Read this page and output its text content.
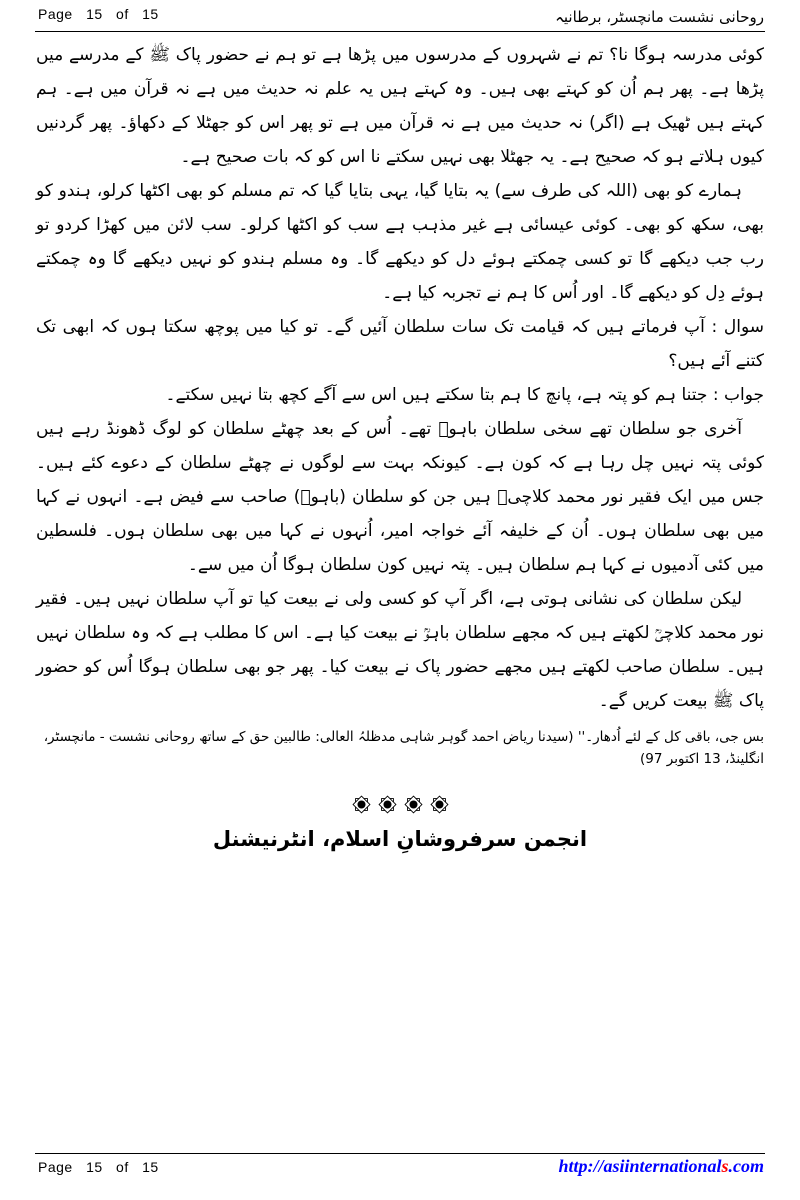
Page 15 of 15	روحانی نشست مانچسٹر، برطانیہ

کوئی مدرسہ ہوگا نا؟ تم نے شہروں کے مدرسوں میں پڑھا ہے تو ہم نے حضور پاک ﷺ کے مدرسے میں پڑھا ہے۔ پھر ہم اُن کو کہتے بھی ہیں۔ وہ کہتے ہیں یہ علم نہ حدیث میں ہے نہ قرآن میں ہے۔ ہم کہتے ہیں ٹھیک ہے (اگر) نہ حدیث میں ہے نہ قرآن میں ہے تو پھر اس کو جھٹلا کے دکھاؤ۔ پھر گردنیں کیوں ہلاتے ہو کہ صحیح ہے۔ یہ جھٹلا بھی نہیں سکتے نا اس کو کہ بات صحیح ہے۔

ہمارے کو بھی (اللہ کی طرف سے) یہ بتایا گیا، یہی بتایا گیا کہ تم مسلم کو بھی اکٹھا کرلو، ہندو کو بھی، سکھ کو بھی۔ کوئی عیسائی ہے غیر مذہب ہے سب کو اکٹھا کرلو۔ سب لائن میں کھڑا کردو تو رب جب دیکھے گا تو کسی چمکتے ہوئے دل کو دیکھے گا۔ وہ مسلم ہندو کو نہیں دیکھے گا وہ چمکتے ہوئے دِل کو دیکھے گا۔ اور اُس کا ہم نے تجربہ کیا ہے۔

سوال : آپ فرماتے ہیں کہ قیامت تک سات سلطان آئیں گے۔ تو کیا میں پوچھ سکتا ہوں کہ ابھی تک کتنے آئے ہیں؟

جواب : جتنا ہم کو پتہ ہے، پانچ کا ہم بتا سکتے ہیں اس سے آگے کچھ بتا نہیں سکتے۔

آخری جو سلطان تھے سخی سلطان باہوؒ تھے۔ اُس کے بعد چھٹے سلطان کو لوگ ڈھونڈ رہے ہیں کوئی پتہ نہیں چل رہا ہے کہ کون ہے۔ کیونکہ بہت سے لوگوں نے چھٹے سلطان کے دعوے کئے ہیں۔ جس میں ایک فقیر نور محمد کلاچیؒ ہیں جن کو سلطان (باہوؒ) صاحب سے فیض ہے۔ انہوں نے کہا میں بھی سلطان ہوں۔ اُن کے خلیفہ آئے خواجہ امیر، اُنہوں نے کہا میں بھی سلطان ہوں۔ فلسطین میں کئی آدمیوں نے کہا ہم سلطان ہیں۔ پتہ نہیں کون سلطان ہوگا اُن میں سے۔

لیکن سلطان کی نشانی ہوتی ہے، اگر آپ کو کسی ولی نے بیعت کیا تو آپ سلطان نہیں ہیں۔ فقیر نور محمد کلاچیؒ لکھتے ہیں کہ مجھے سلطان باہوؒ نے بیعت کیا ہے۔ اس کا مطلب ہے کہ وہ سلطان نہیں ہیں۔ سلطان صاحب لکھتے ہیں مجھے حضور پاک نے بیعت کیا۔ پھر جو بھی سلطان ہوگا اُس کو حضور پاک ﷺ بیعت کریں گے۔

بس جی، باقی کل کے لئے اُدھار۔'' (سیدنا ریاض احمد گوہر شاہی مدظلہُ العالی: طالبین حق کے ساتھ روحانی نشست - مانچسٹر، انگلینڈ، 13 اکتوبر 97)

انجمن سرفروشانِ اسلام، انٹرنیشنل
Page 15 of 15	http://asiinternationals.com
